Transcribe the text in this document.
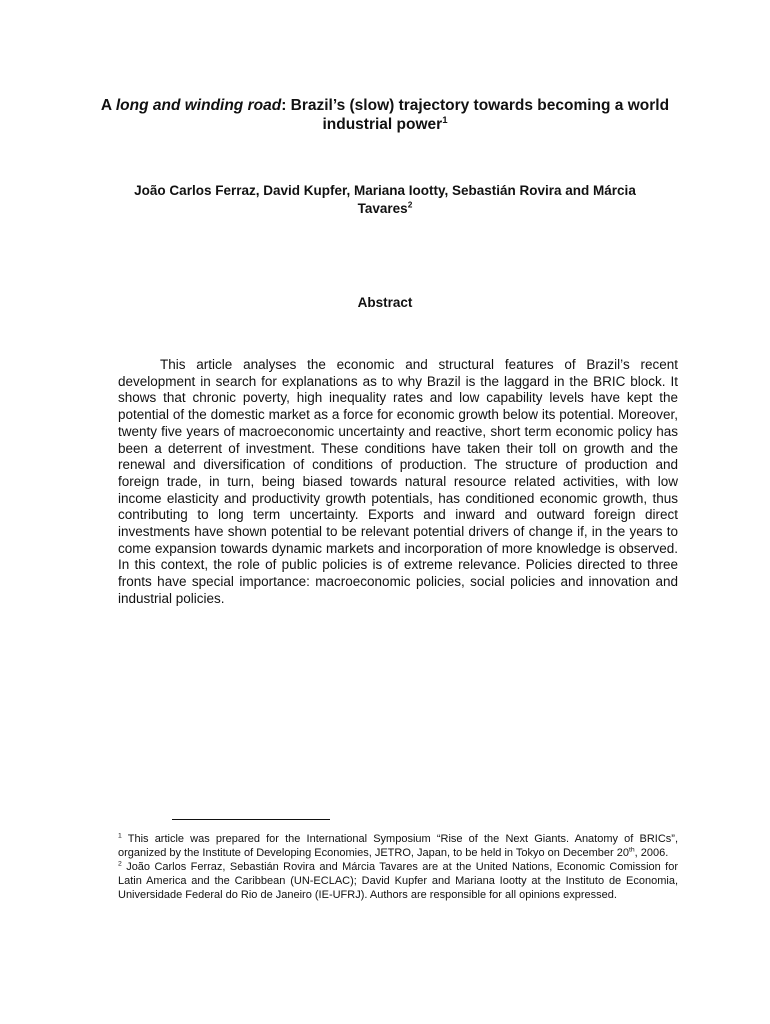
A long and winding road: Brazil’s (slow) trajectory towards becoming a world industrial power$^1$

João Carlos Ferraz, David Kupfer, Mariana Iootty, Sebastián Rovira and Márcia Tavares$^2$

Abstract

This article analyses the economic and structural features of Brazil’s recent development in search for explanations as to why Brazil is the laggard in the BRIC block. It shows that chronic poverty, high inequality rates and low capability levels have kept the potential of the domestic market as a force for economic growth below its potential. Moreover, twenty five years of macroeconomic uncertainty and reactive, short term economic policy has been a deterrent of investment. These conditions have taken their toll on growth and the renewal and diversification of conditions of production. The structure of production and foreign trade, in turn, being biased towards natural resource related activities, with low income elasticity and productivity growth potentials, has conditioned economic growth, thus contributing to long term uncertainty. Exports and inward and outward foreign direct investments have shown potential to be relevant potential drivers of change if, in the years to come expansion towards dynamic markets and incorporation of more knowledge is observed. In this context, the role of public policies is of extreme relevance. Policies directed to three fronts have special importance: macroeconomic policies, social policies and innovation and industrial policies.

$^1$ This article was prepared for the International Symposium “Rise of the Next Giants. Anatomy of BRICs”, organized by the Institute of Developing Economies, JETRO, Japan, to be held in Tokyo on December 20th, 2006.

$^2$ João Carlos Ferraz, Sebastián Rovira and Márcia Tavares are at the United Nations, Economic Comission for Latin America and the Caribbean (UN-ECLAC); David Kupfer and Mariana Iootty at the Instituto de Economia, Universidade Federal do Rio de Janeiro (IE-UFRJ). Authors are responsible for all opinions expressed.
